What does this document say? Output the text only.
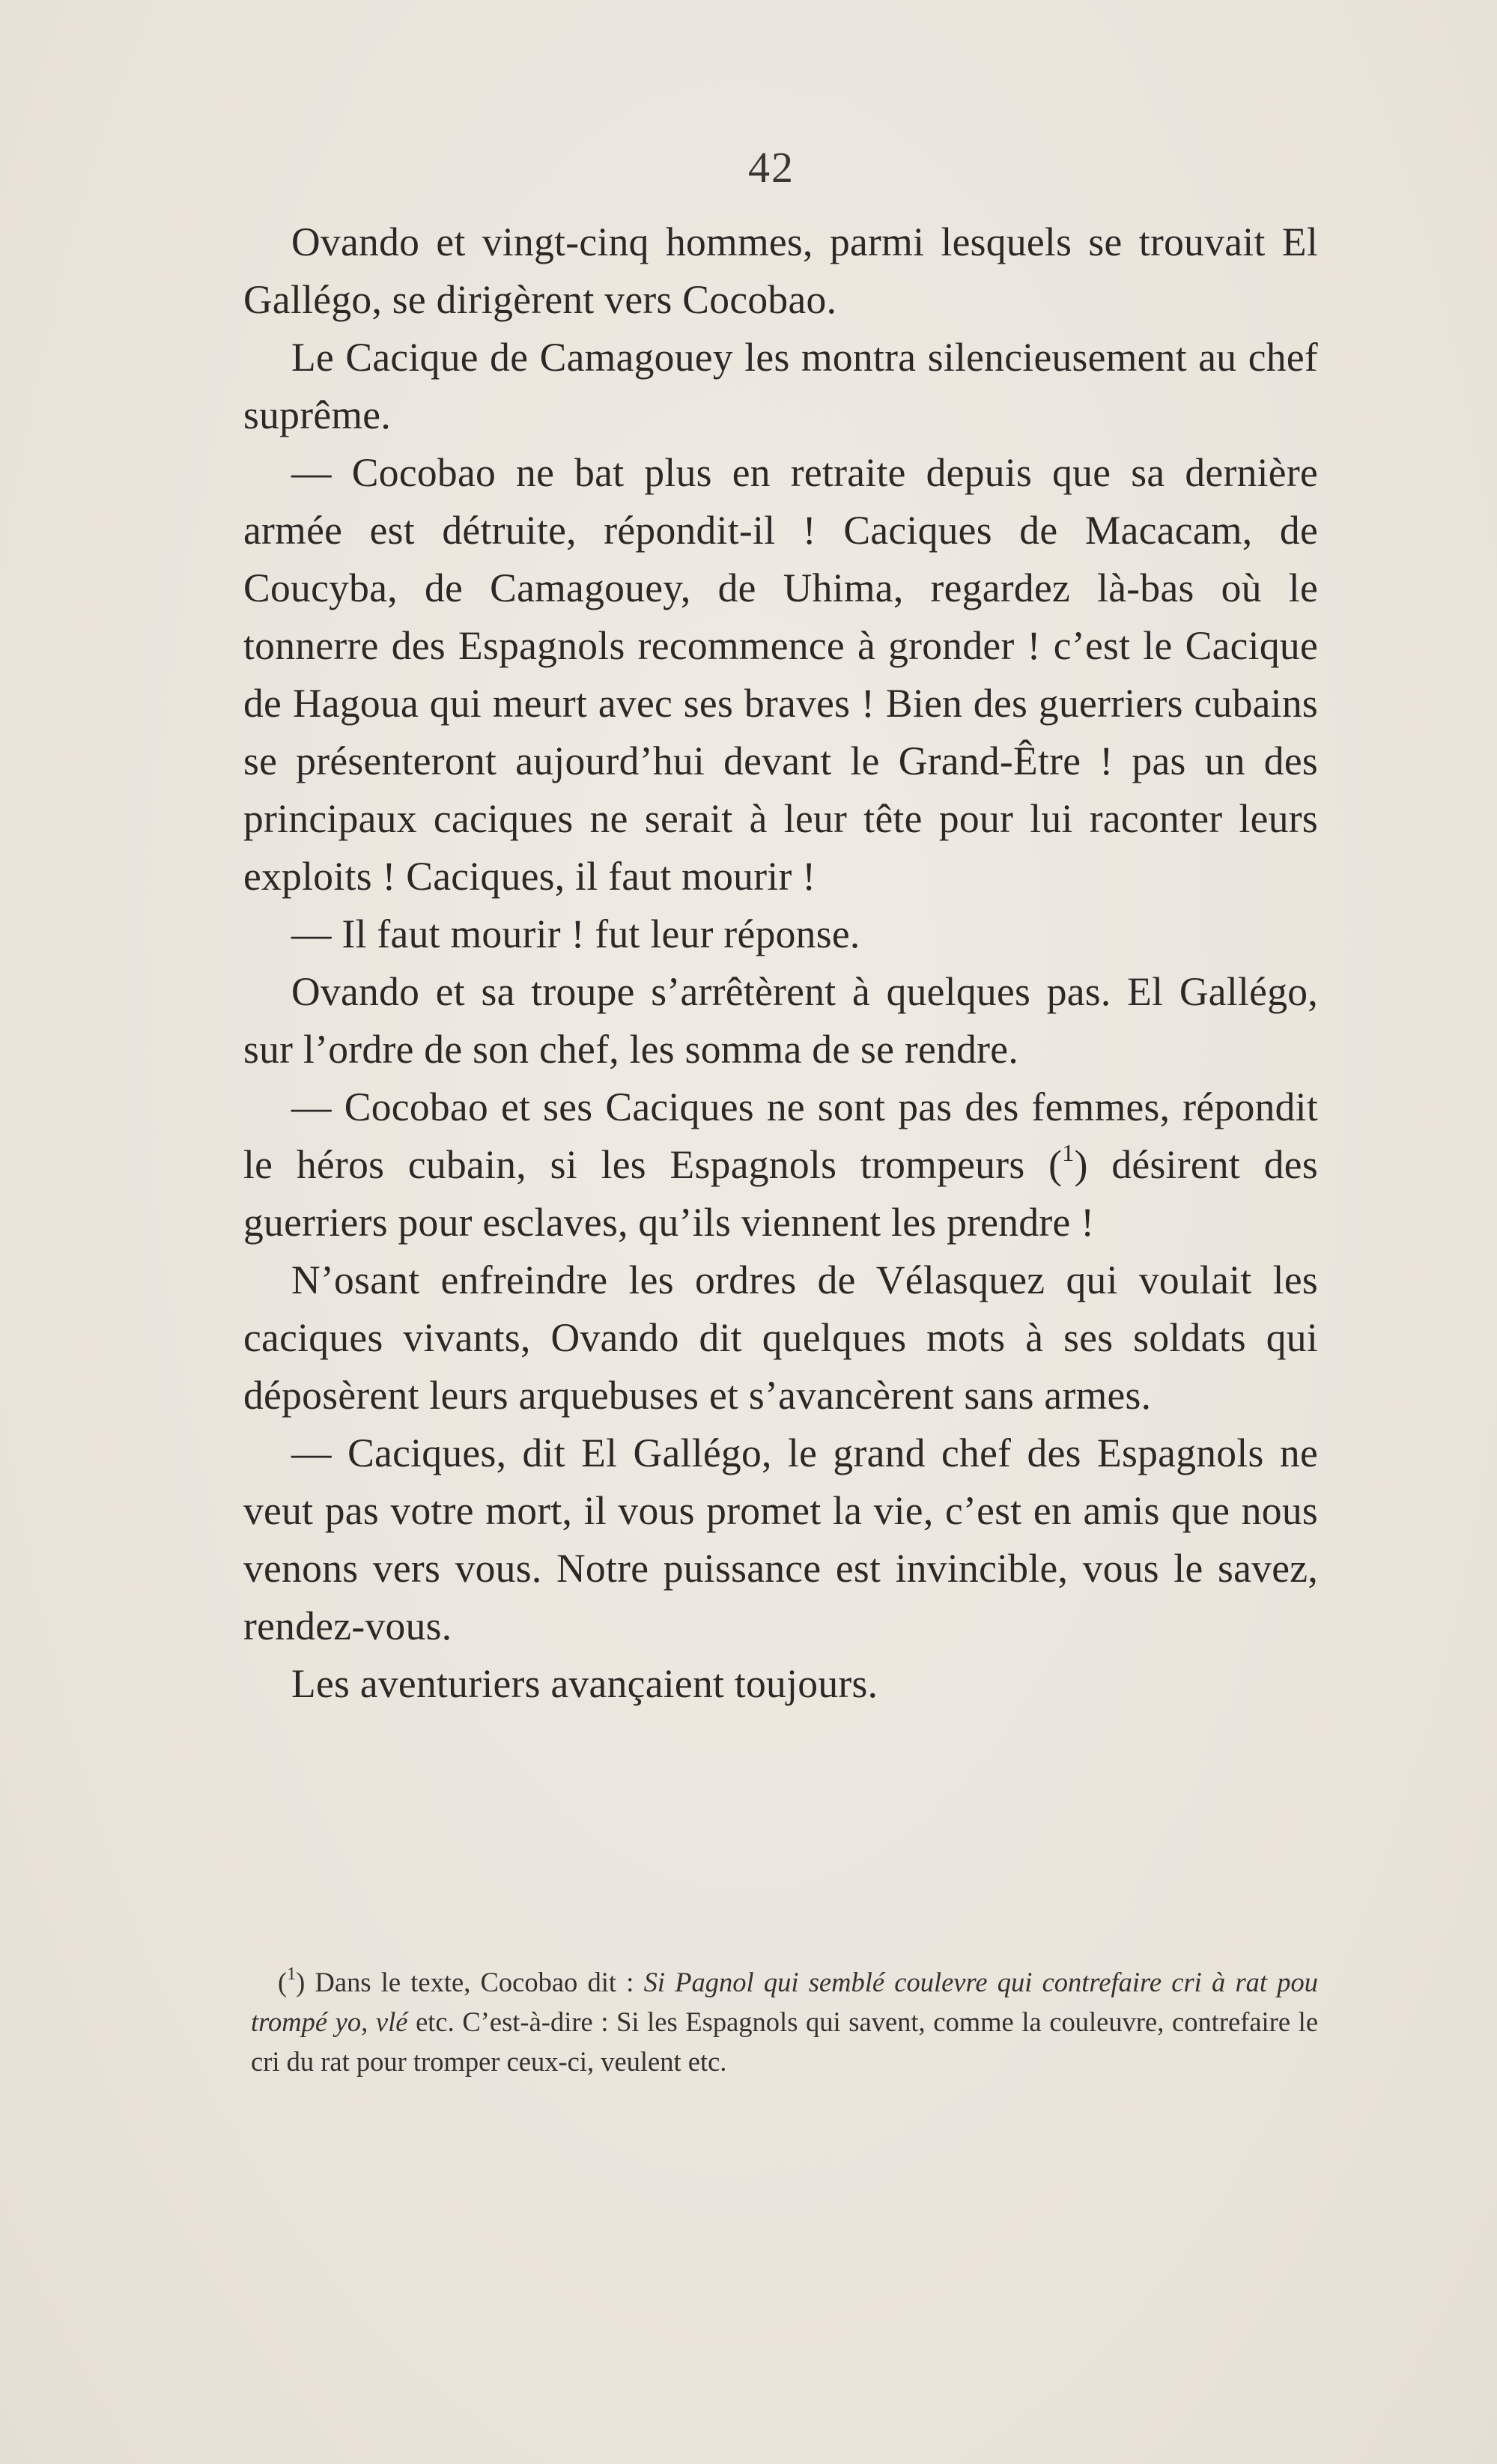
42

Ovando et vingt-cinq hommes, parmi lesquels se trouvait El Gallégo, se dirigèrent vers Cocobao.

Le Cacique de Camagouey les montra silencieusement au chef suprême.

— Cocobao ne bat plus en retraite depuis que sa dernière armée est détruite, répondit-il ! Caciques de Macacam, de Coucyba, de Camagouey, de Uhima, regardez là-bas où le tonnerre des Espagnols recommence à gronder ! c’est le Cacique de Hagoua qui meurt avec ses braves ! Bien des guerriers cubains se présenteront aujourd’hui devant le Grand-Être ! pas un des principaux caciques ne serait à leur tête pour lui raconter leurs exploits ! Caciques, il faut mourir !

— Il faut mourir ! fut leur réponse.

Ovando et sa troupe s’arrêtèrent à quelques pas. El Gallégo, sur l’ordre de son chef, les somma de se rendre.

— Cocobao et ses Caciques ne sont pas des femmes, répondit le héros cubain, si les Espagnols trompeurs ($^1$) désirent des guerriers pour esclaves, qu’ils viennent les prendre !

N’osant enfreindre les ordres de Vélasquez qui voulait les caciques vivants, Ovando dit quelques mots à ses soldats qui déposèrent leurs arquebuses et s’avancèrent sans armes.

— Caciques, dit El Gallégo, le grand chef des Espagnols ne veut pas votre mort, il vous promet la vie, c’est en amis que nous venons vers vous. Notre puissance est invincible, vous le savez, rendez-vous.

Les aventuriers avançaient toujours.

($^1$) Dans le texte, Cocobao dit : Si Pagnol qui semblé coulevre qui contrefaire cri à rat pou trompé yo, vlé etc. C’est-à-dire : Si les Espagnols qui savent, comme la couleuvre, contrefaire le cri du rat pour tromper ceux-ci, veulent etc.
